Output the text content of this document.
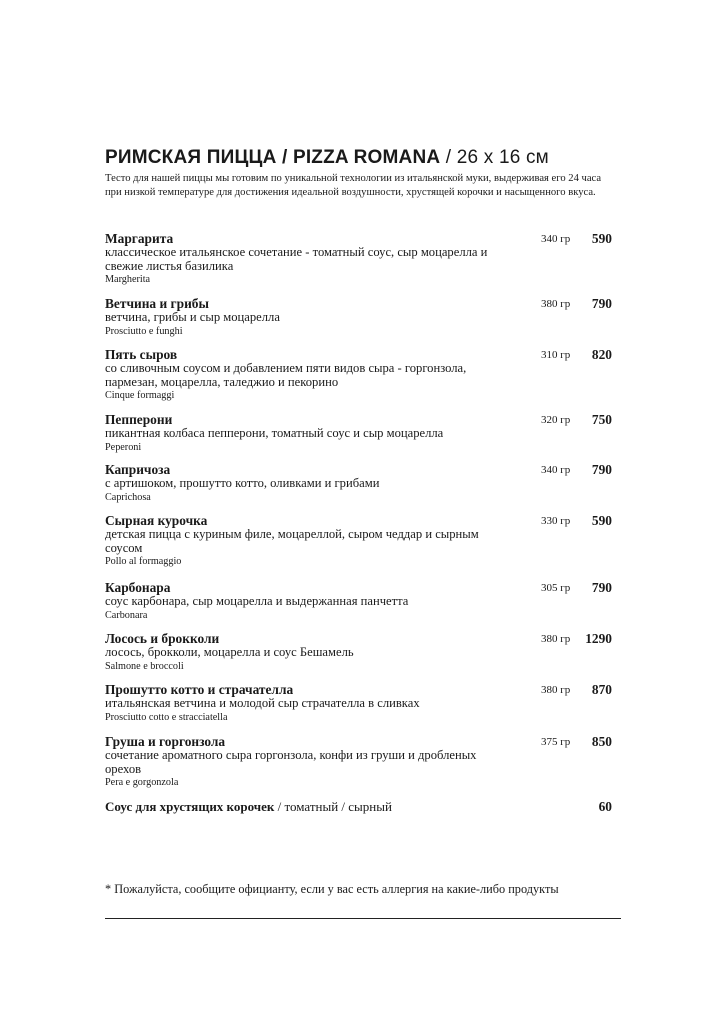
РИМСКАЯ ПИЦЦА / PIZZA ROMANA / 26 х 16 см
Тесто для нашей пиццы мы готовим по уникальной технологии из итальянской муки, выдерживая его 24 часа при низкой температуре для достижения идеальной воздушности, хрустящей корочки и насыщенного вкуса.
Маргарита
классическое итальянское сочетание - томатный соус, сыр моцарелла и свежие листья базилика
Margherita
340 гр 590
Ветчина и грибы
ветчина, грибы и сыр моцарелла
Prosciutto e funghi
380 гр 790
Пять сыров
со сливочным соусом и добавлением пяти видов сыра - горгонзола, пармезан, моцарелла, таледжио и пекорино
Cinque formaggi
310 гр 820
Пепперони
пикантная колбаса пепперони, томатный соус и сыр моцарелла
Peperoni
320 гр 750
Капричоза
с артишоком, прошутто котто, оливками и грибами
Caprichosa
340 гр 790
Сырная курочка
детская пицца с куриным филе, моцареллой, сыром чеддар и сырным соусом
Pollo al formaggio
330 гр 590
Карбонара
соус карбонара, сыр моцарелла и выдержанная панчетта
Carbonara
305 гр 790
Лосось и брокколи
лосось, брокколи, моцарелла и соус Бешамель
Salmone e broccoli
380 гр 1290
Прошутто котто и страчателла
итальянская ветчина и молодой сыр страчателла в сливках
Prosciutto cotto e stracciatella
380 гр 870
Груша и горгонзола
сочетание ароматного сыра горгонзола, конфи из груши и дробленых орехов
Pera e gorgonzola
375 гр 850
Соус для хрустящих корочек / томатный / сырный	60
* Пожалуйста, сообщите официанту, если у вас есть аллергия на какие-либо продукты
